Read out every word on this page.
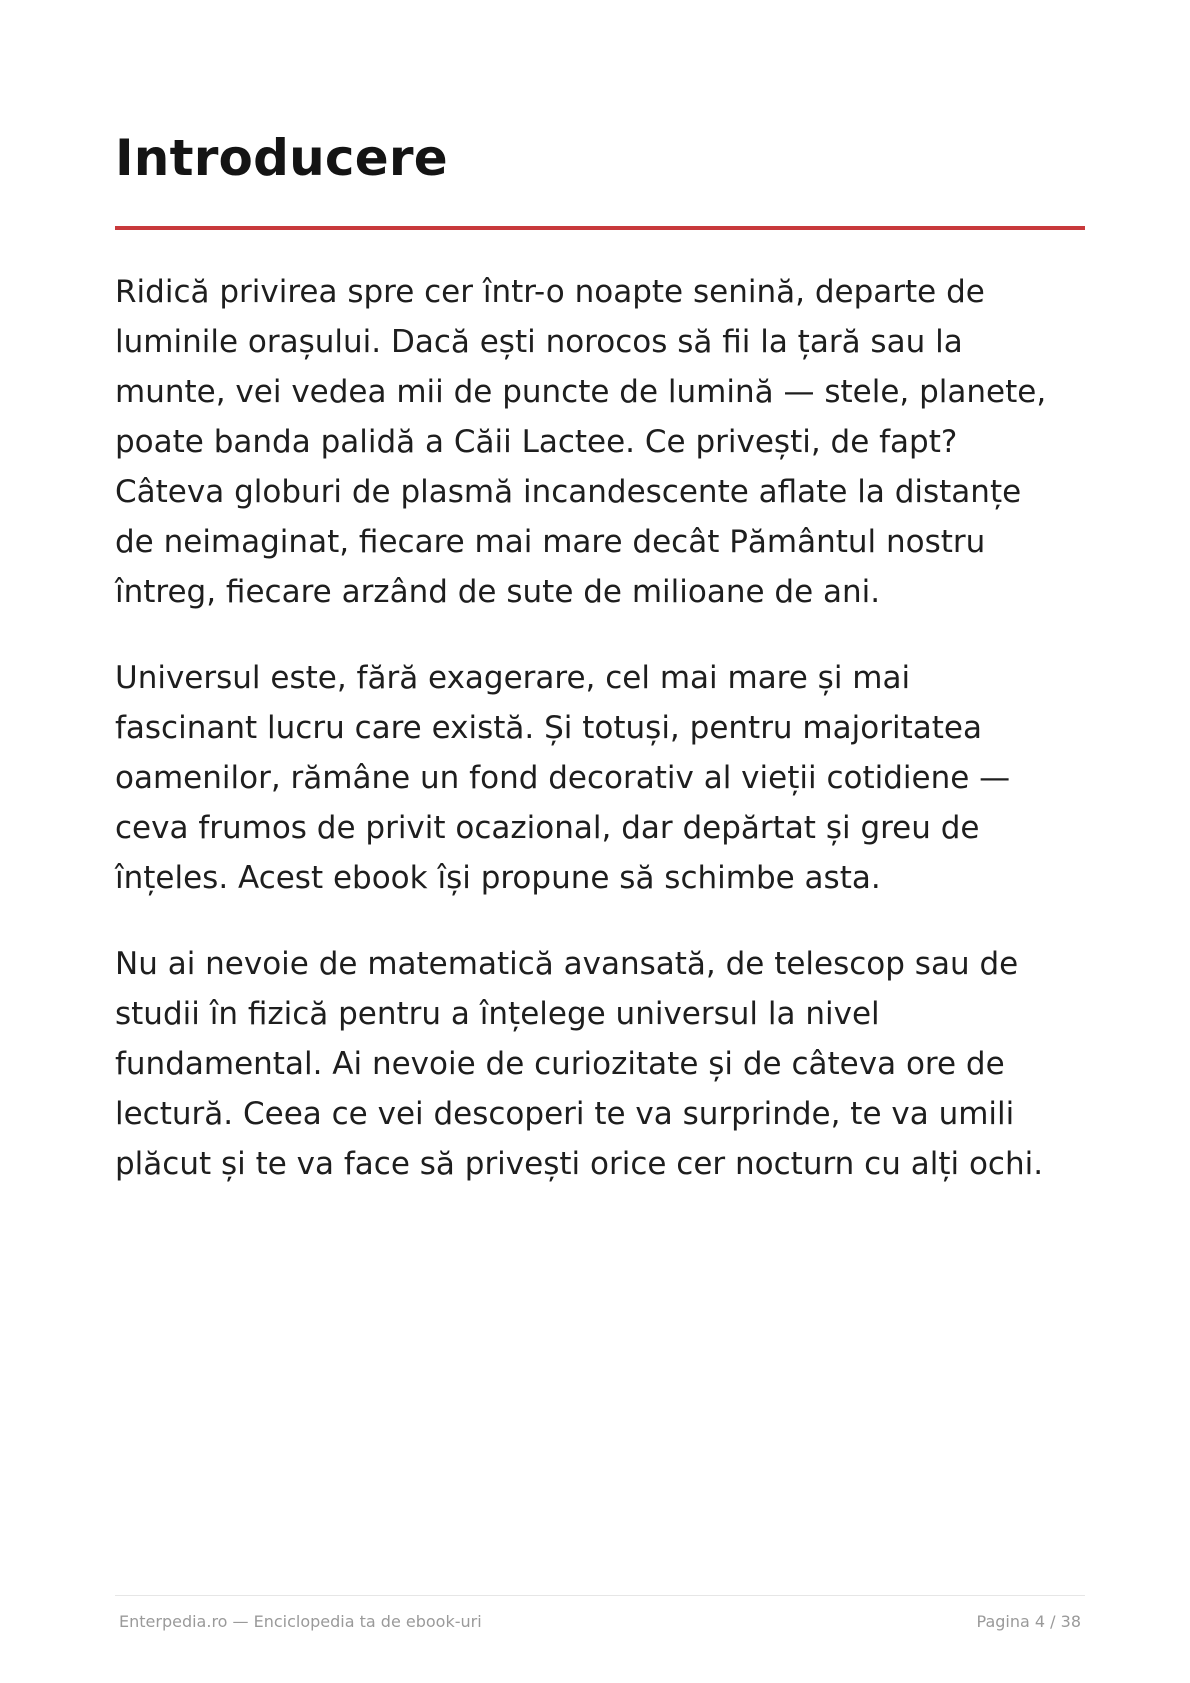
Introducere

Ridică privirea spre cer într-o noapte senină, departe de
luminile orașului. Dacă ești norocos să fii la țară sau la
munte, vei vedea mii de puncte de lumină — stele, planete,
poate banda palidă a Căii Lactee. Ce privești, de fapt?
Câteva globuri de plasmă incandescente aflate la distanțe
de neimaginat, fiecare mai mare decât Pământul nostru
întreg, fiecare arzând de sute de milioane de ani.

Universul este, fără exagerare, cel mai mare și mai
fascinant lucru care există. Și totuși, pentru majoritatea
oamenilor, rămâne un fond decorativ al vieții cotidiene —
ceva frumos de privit ocazional, dar depărtat și greu de
înțeles. Acest ebook își propune să schimbe asta.

Nu ai nevoie de matematică avansată, de telescop sau de
studii în fizică pentru a înțelege universul la nivel
fundamental. Ai nevoie de curiozitate și de câteva ore de
lectură. Ceea ce vei descoperi te va surprinde, te va umili
plăcut și te va face să privești orice cer nocturn cu alți ochi.

Enterpedia.ro — Enciclopedia ta de ebook-uri	Pagina 4 / 38
